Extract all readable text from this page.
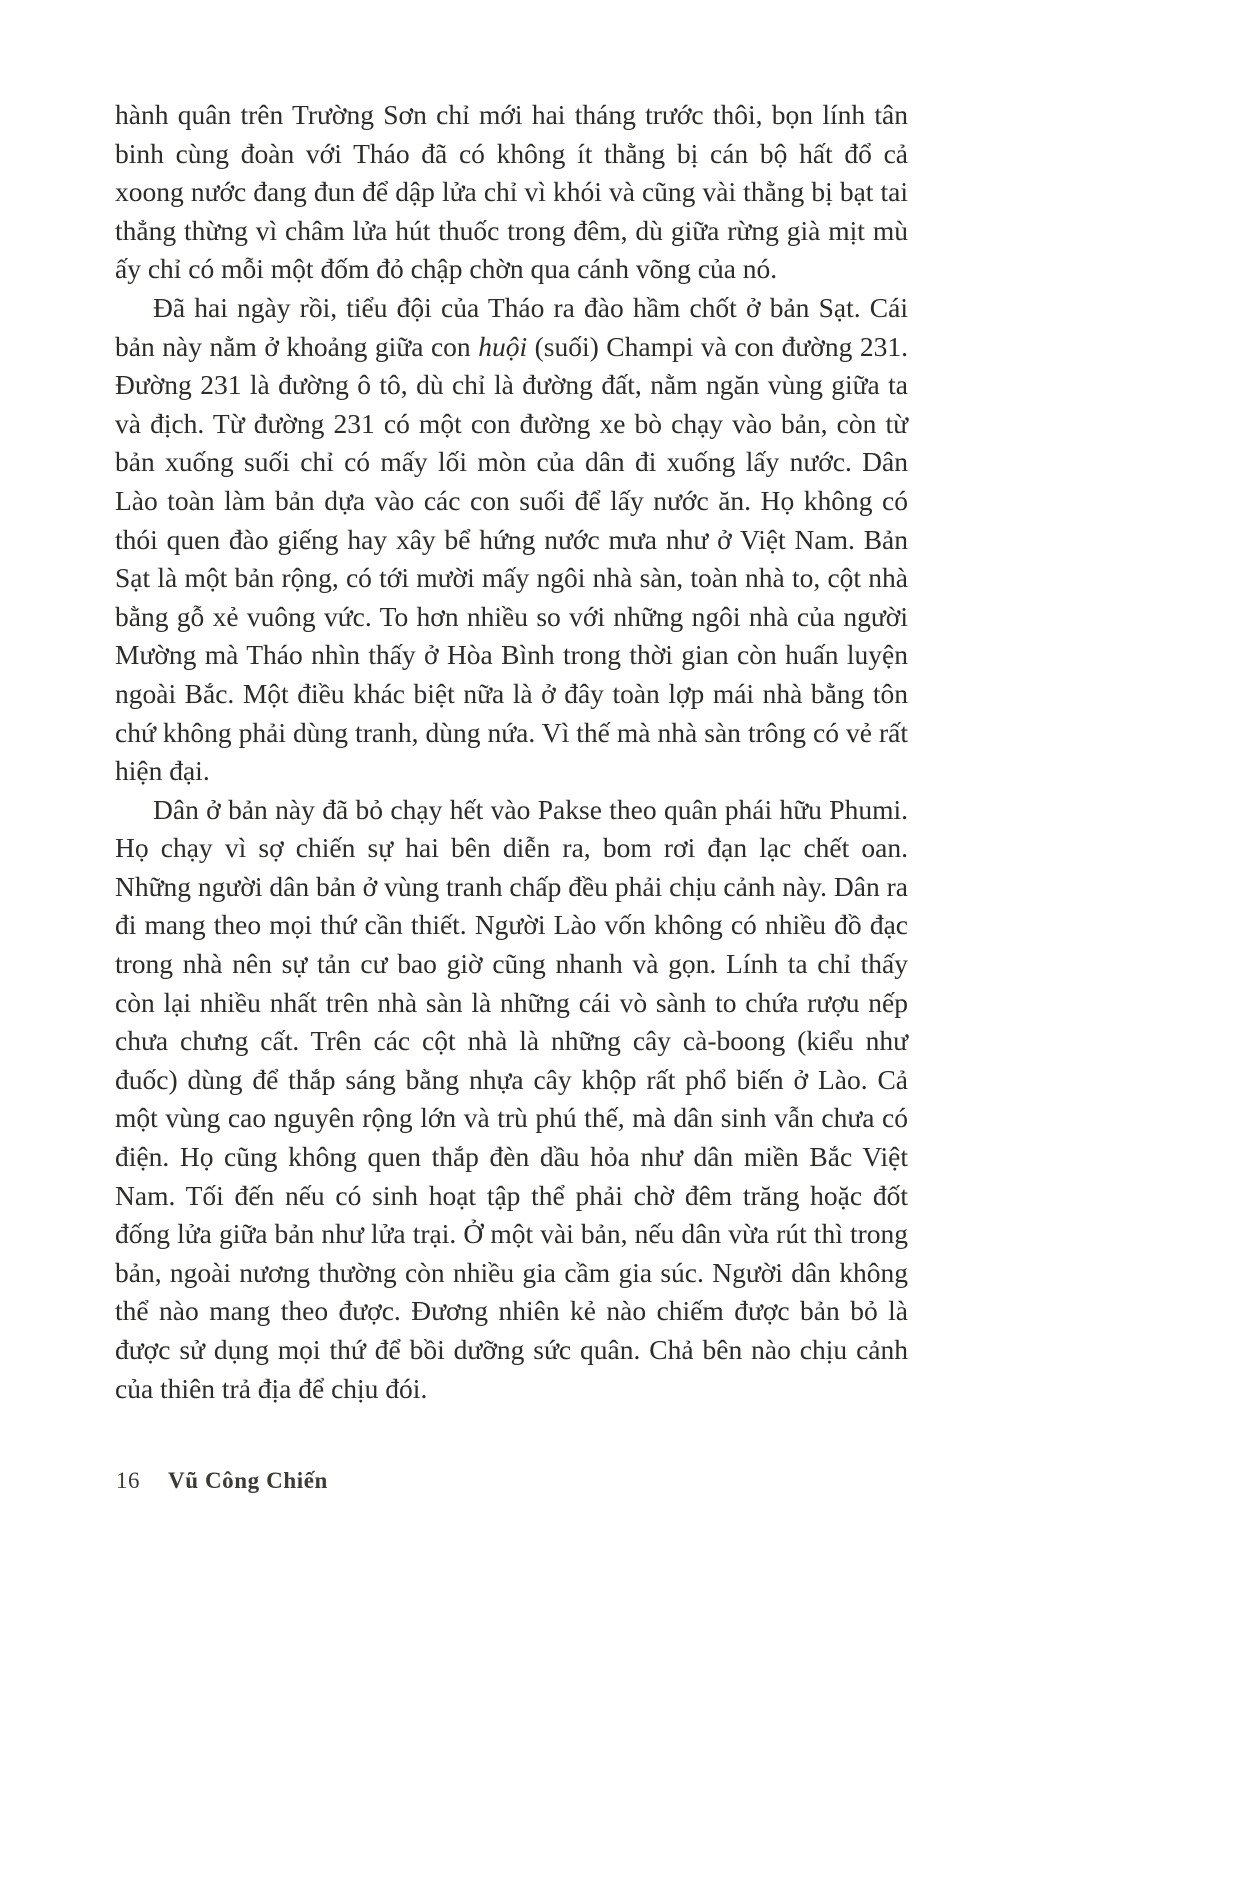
hành quân trên Trường Sơn chỉ mới hai tháng trước thôi, bọn lính tân binh cùng đoàn với Tháo đã có không ít thằng bị cán bộ hất đổ cả xoong nước đang đun để dập lửa chỉ vì khói và cũng vài thằng bị bạt tai thẳng thừng vì châm lửa hút thuốc trong đêm, dù giữa rừng già mịt mù ấy chỉ có mỗi một đốm đỏ chập chờn qua cánh võng của nó.

Đã hai ngày rồi, tiểu đội của Tháo ra đào hầm chốt ở bản Sạt. Cái bản này nằm ở khoảng giữa con huội (suối) Champi và con đường 231. Đường 231 là đường ô tô, dù chỉ là đường đất, nằm ngăn vùng giữa ta và địch. Từ đường 231 có một con đường xe bò chạy vào bản, còn từ bản xuống suối chỉ có mấy lối mòn của dân đi xuống lấy nước. Dân Lào toàn làm bản dựa vào các con suối để lấy nước ăn. Họ không có thói quen đào giếng hay xây bể hứng nước mưa như ở Việt Nam. Bản Sạt là một bản rộng, có tới mười mấy ngôi nhà sàn, toàn nhà to, cột nhà bằng gỗ xẻ vuông vức. To hơn nhiều so với những ngôi nhà của người Mường mà Tháo nhìn thấy ở Hòa Bình trong thời gian còn huấn luyện ngoài Bắc. Một điều khác biệt nữa là ở đây toàn lợp mái nhà bằng tôn chứ không phải dùng tranh, dùng nứa. Vì thế mà nhà sàn trông có vẻ rất hiện đại.

Dân ở bản này đã bỏ chạy hết vào Pakse theo quân phái hữu Phumi. Họ chạy vì sợ chiến sự hai bên diễn ra, bom rơi đạn lạc chết oan. Những người dân bản ở vùng tranh chấp đều phải chịu cảnh này. Dân ra đi mang theo mọi thứ cần thiết. Người Lào vốn không có nhiều đồ đạc trong nhà nên sự tản cư bao giờ cũng nhanh và gọn. Lính ta chỉ thấy còn lại nhiều nhất trên nhà sàn là những cái vò sành to chứa rượu nếp chưa chưng cất. Trên các cột nhà là những cây cà-boong (kiểu như đuốc) dùng để thắp sáng bằng nhựa cây khộp rất phổ biến ở Lào. Cả một vùng cao nguyên rộng lớn và trù phú thế, mà dân sinh vẫn chưa có điện. Họ cũng không quen thắp đèn dầu hỏa như dân miền Bắc Việt Nam. Tối đến nếu có sinh hoạt tập thể phải chờ đêm trăng hoặc đốt đống lửa giữa bản như lửa trại. Ở một vài bản, nếu dân vừa rút thì trong bản, ngoài nương thường còn nhiều gia cầm gia súc. Người dân không thể nào mang theo được. Đương nhiên kẻ nào chiếm được bản bỏ là được sử dụng mọi thứ để bồi dưỡng sức quân. Chả bên nào chịu cảnh của thiên trả địa để chịu đói.

16 Vũ Công Chiến
